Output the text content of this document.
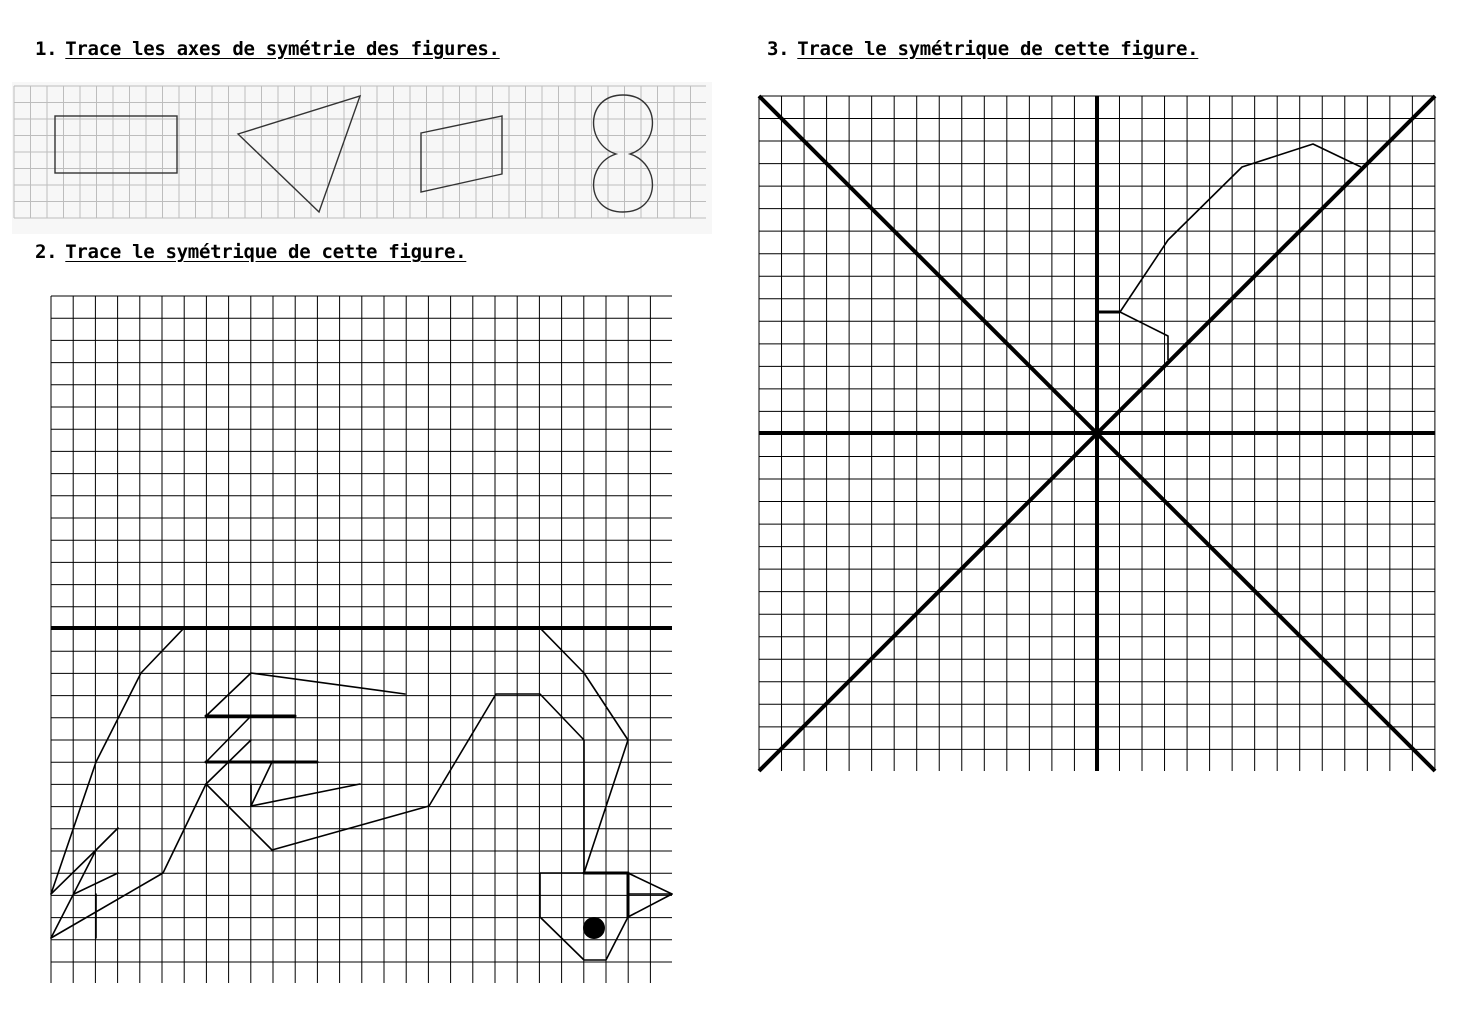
1. Trace les axes de symétrie des figures.
2. Trace le symétrique de cette figure.
3. Trace le symétrique de cette figure.
